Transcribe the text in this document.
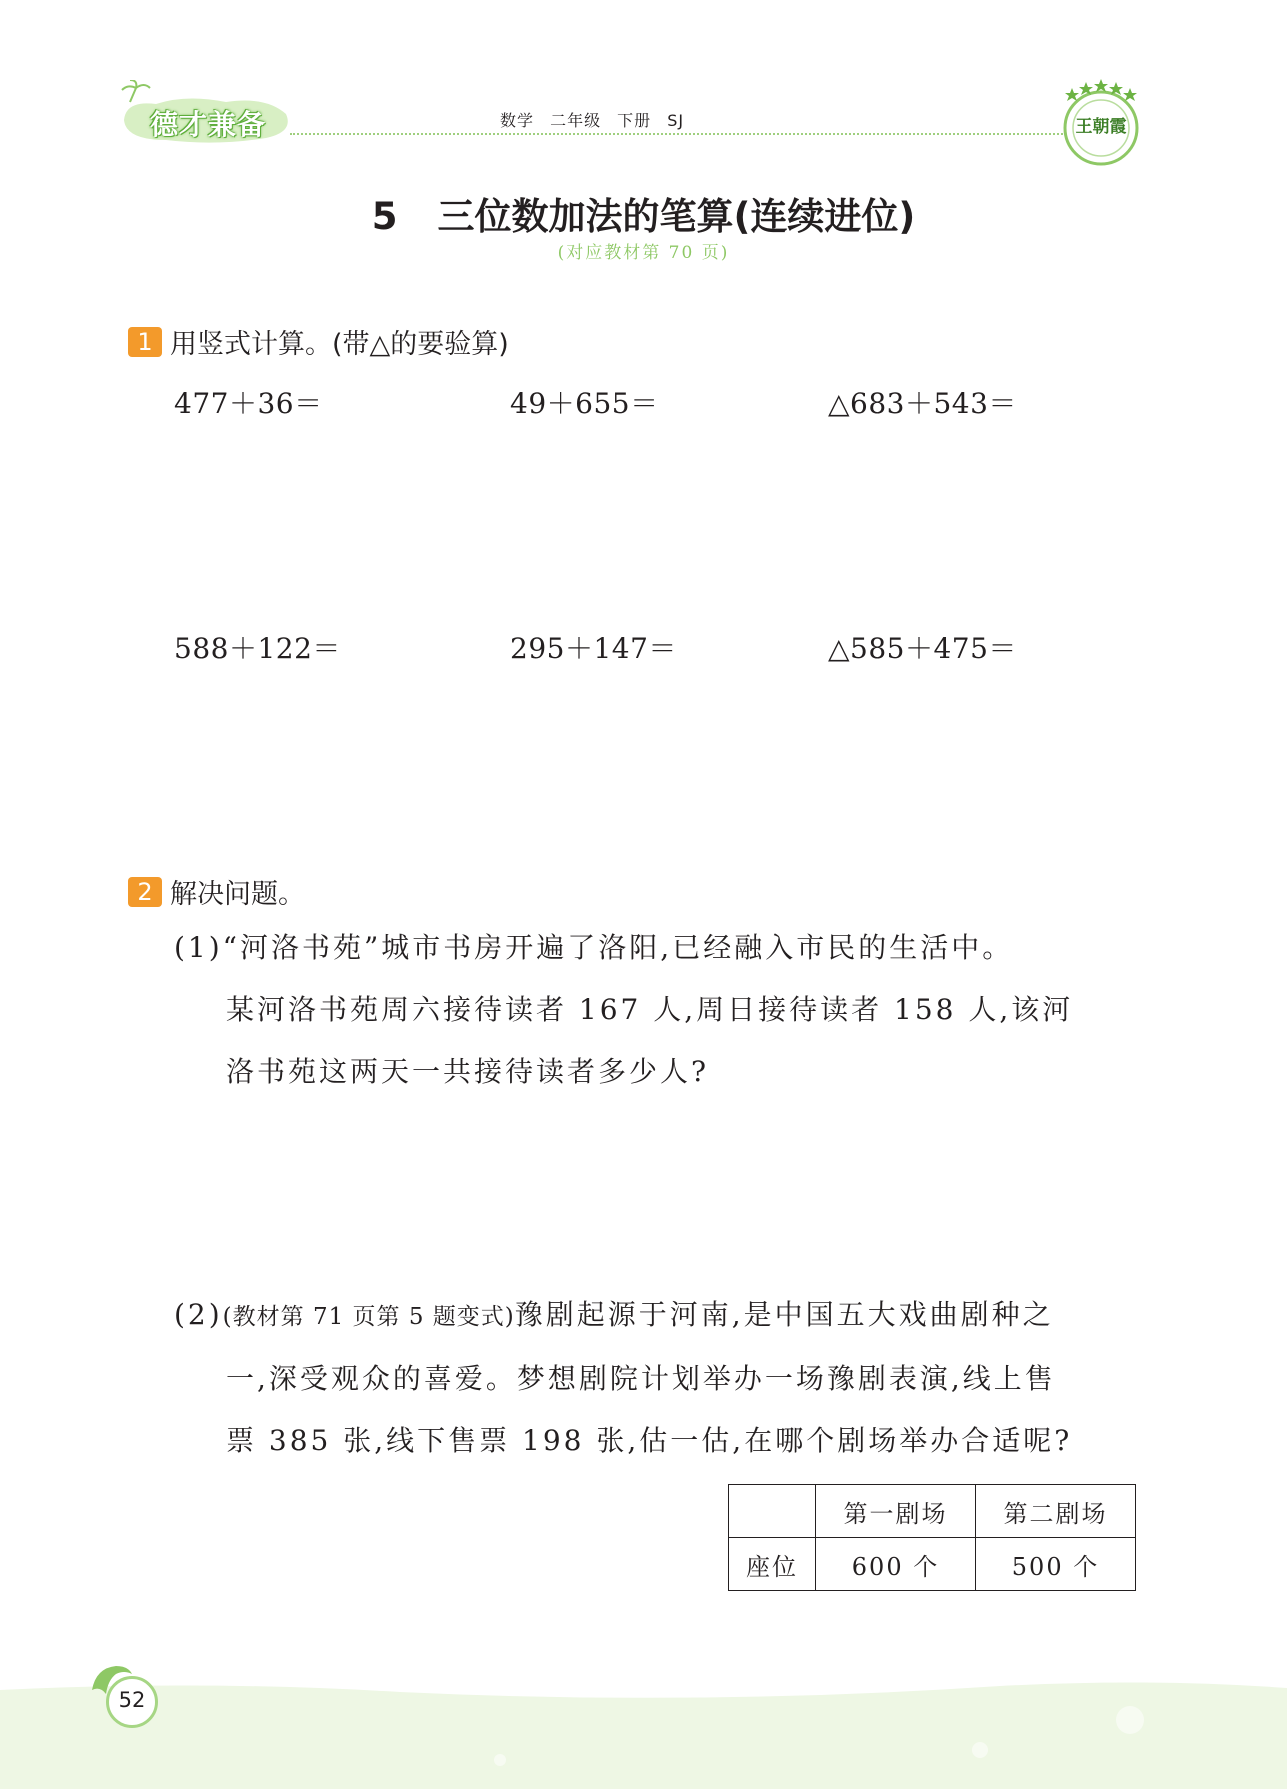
德才兼备	数学 二年级 下册 SJ	王朝霞
5 三位数加法的笔算(连续进位)
(对应教材第 70 页)
1 用竖式计算。(带△的要验算)
477＋36＝	49＋655＝	△683＋543＝
588＋122＝	295＋147＝	△585＋475＝
2 解决问题。
(1)“河洛书苑”城市书房开遍了洛阳,已经融入市民的生活中。
某河洛书苑周六接待读者 167 人,周日接待读者 158 人,该河
洛书苑这两天一共接待读者多少人?
(2)(教材第 71 页第 5 题变式)豫剧起源于河南,是中国五大戏曲剧种之
一,深受观众的喜爱。梦想剧院计划举办一场豫剧表演,线上售
票 385 张,线下售票 198 张,估一估,在哪个剧场举办合适呢?
	第一剧场	第二剧场
座位	600 个	500 个
52
